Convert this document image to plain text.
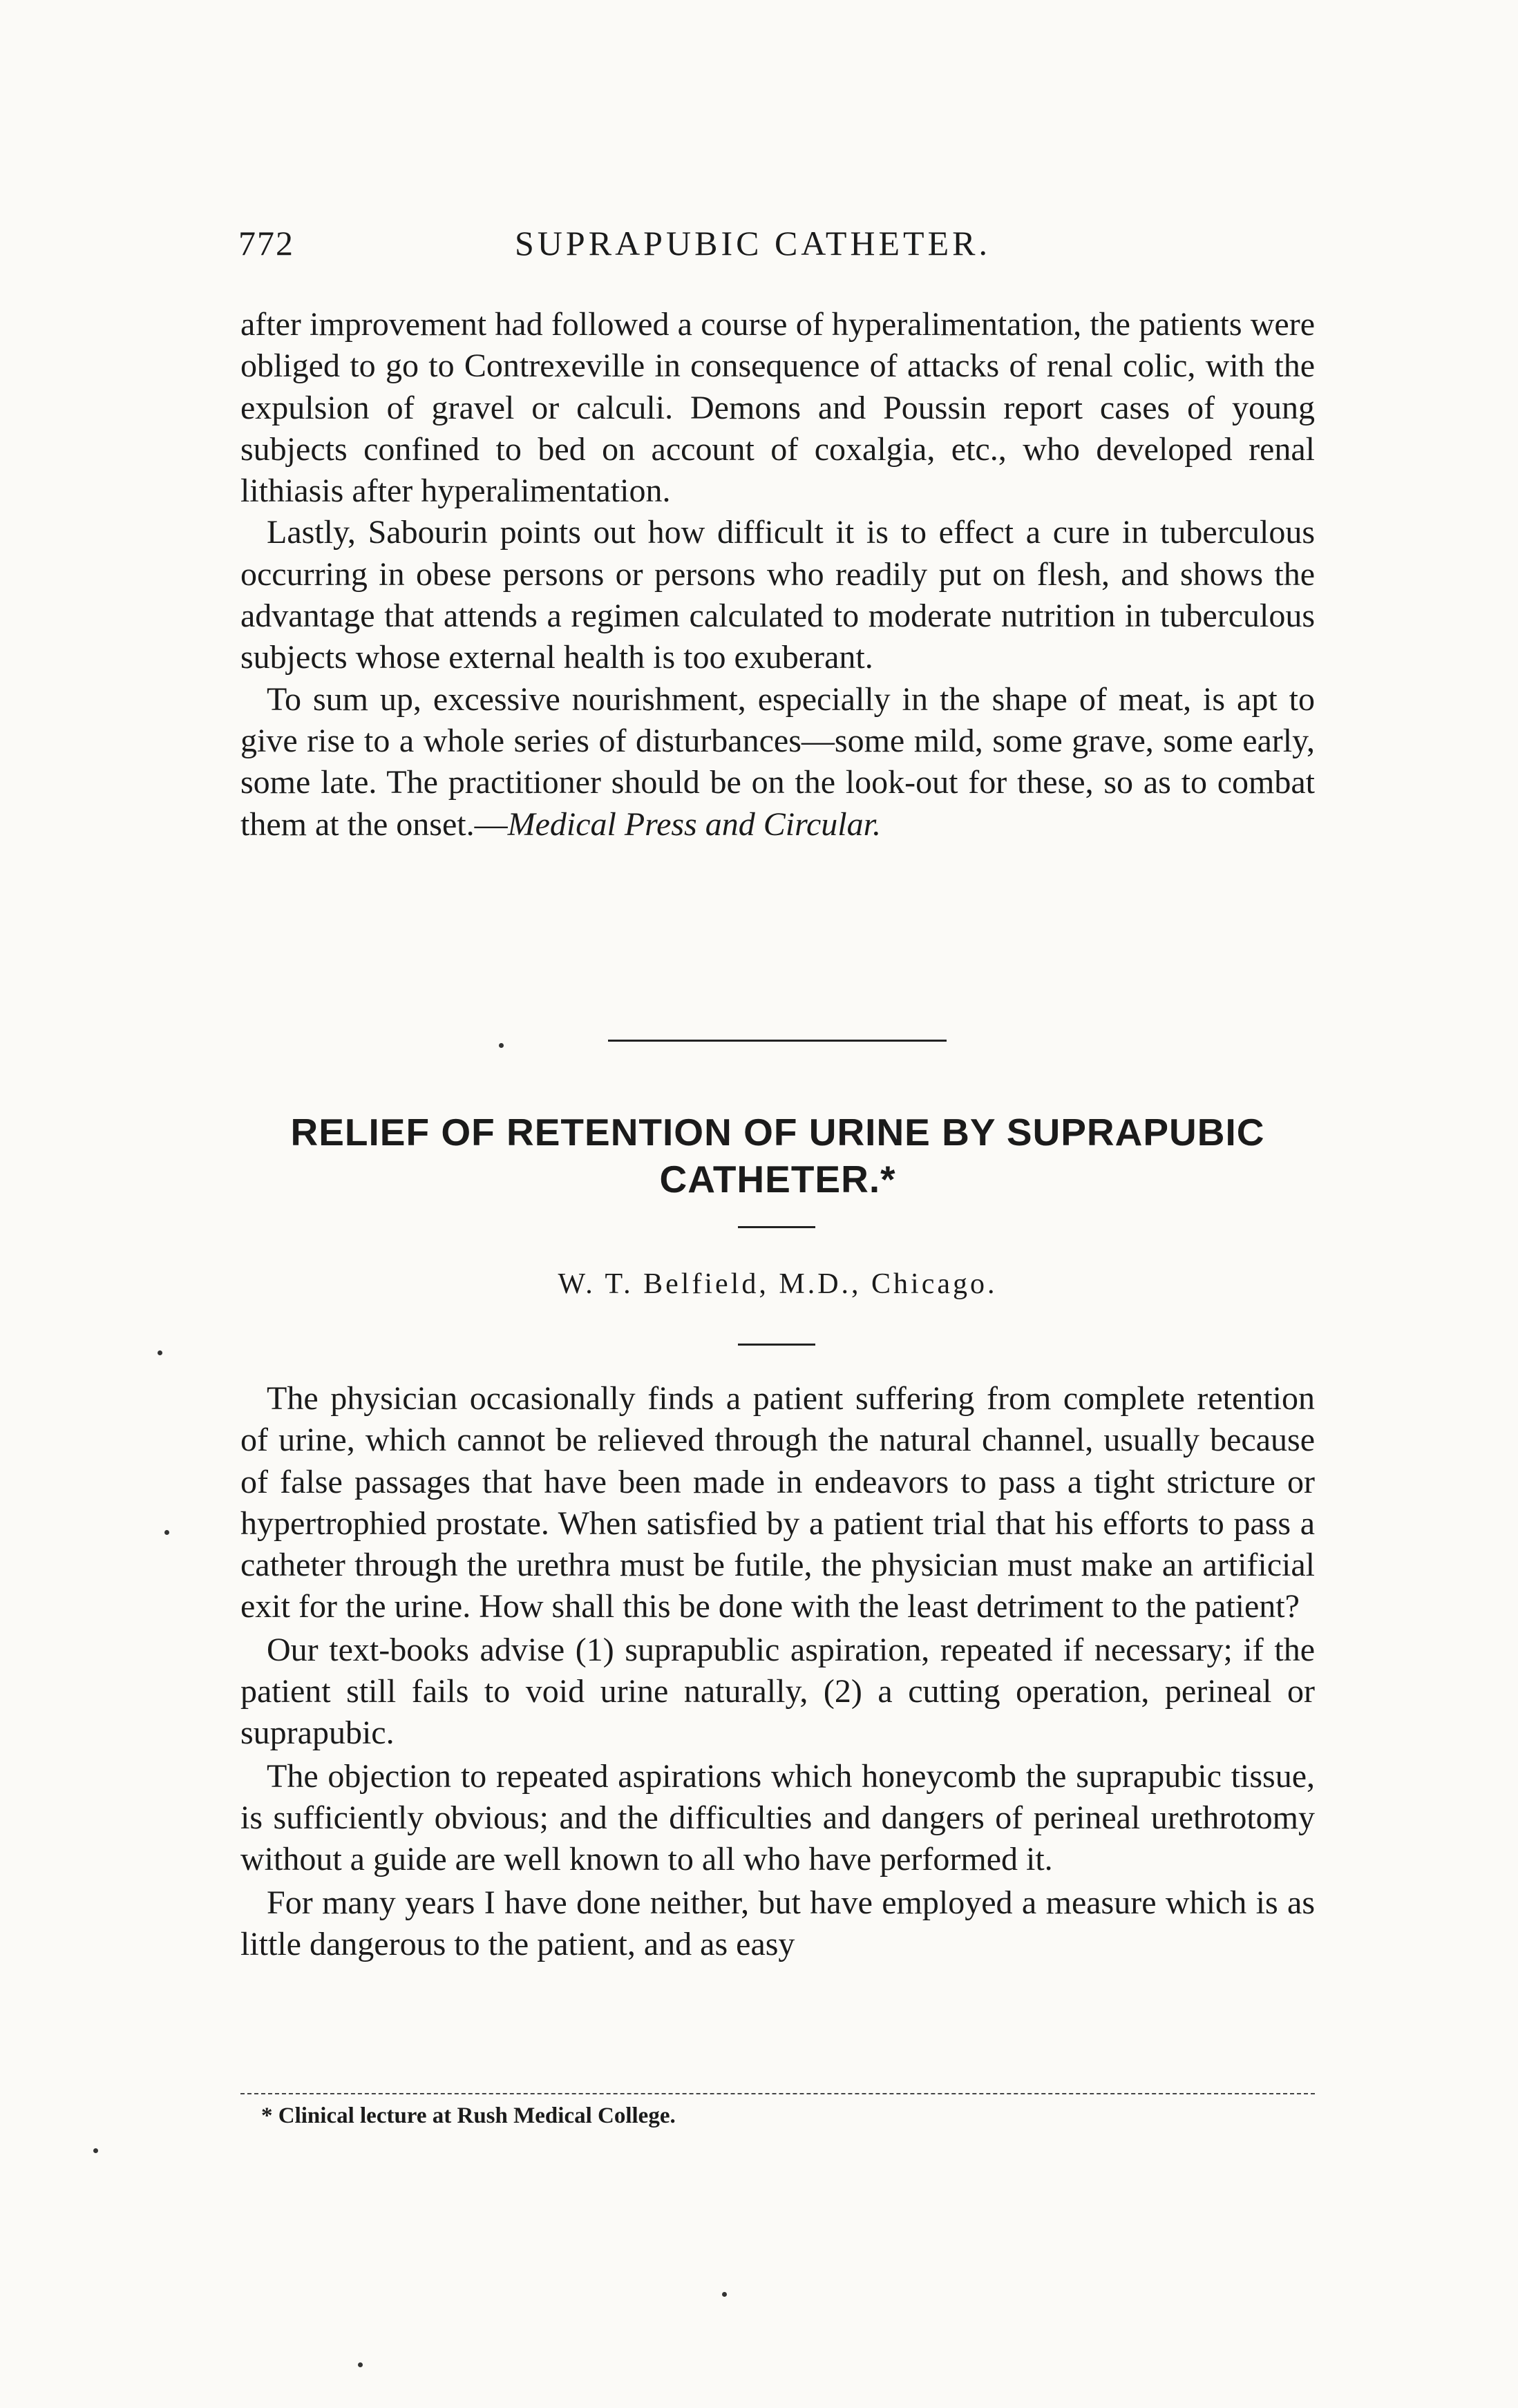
772	SUPRAPUBIC CATHETER.

after improvement had followed a course of hyperalimentation, the patients were obliged to go to Contrexeville in consequence of attacks of renal colic, with the expulsion of gravel or calculi. Demons and Poussin report cases of young subjects confined to bed on account of coxalgia, etc., who developed renal lithiasis after hyperalimentation.

Lastly, Sabourin points out how difficult it is to effect a cure in tuberculous occurring in obese persons or persons who readily put on flesh, and shows the advantage that attends a regimen calculated to moderate nutrition in tuberculous subjects whose external health is too exuberant.

To sum up, excessive nourishment, especially in the shape of meat, is apt to give rise to a whole series of disturbances—some mild, some grave, some early, some late. The practitioner should be on the look-out for these, so as to combat them at the onset.—Medical Press and Circular.

RELIEF OF RETENTION OF URINE BY SUPRAPUBIC
CATHETER.*
W. T. Belfield, M.D., Chicago.

The physician occasionally finds a patient suffering from complete retention of urine, which cannot be relieved through the natural channel, usually because of false passages that have been made in endeavors to pass a tight stricture or hypertrophied prostate. When satisfied by a patient trial that his efforts to pass a catheter through the urethra must be futile, the physician must make an artificial exit for the urine. How shall this be done with the least detriment to the patient?

Our text-books advise (1) suprapublic aspiration, repeated if necessary; if the patient still fails to void urine naturally, (2) a cutting operation, perineal or suprapubic.

The objection to repeated aspirations which honeycomb the suprapubic tissue, is sufficiently obvious; and the difficulties and dangers of perineal urethrotomy without a guide are well known to all who have performed it.

For many years I have done neither, but have employed a measure which is as little dangerous to the patient, and as easy

* Clinical lecture at Rush Medical College.
